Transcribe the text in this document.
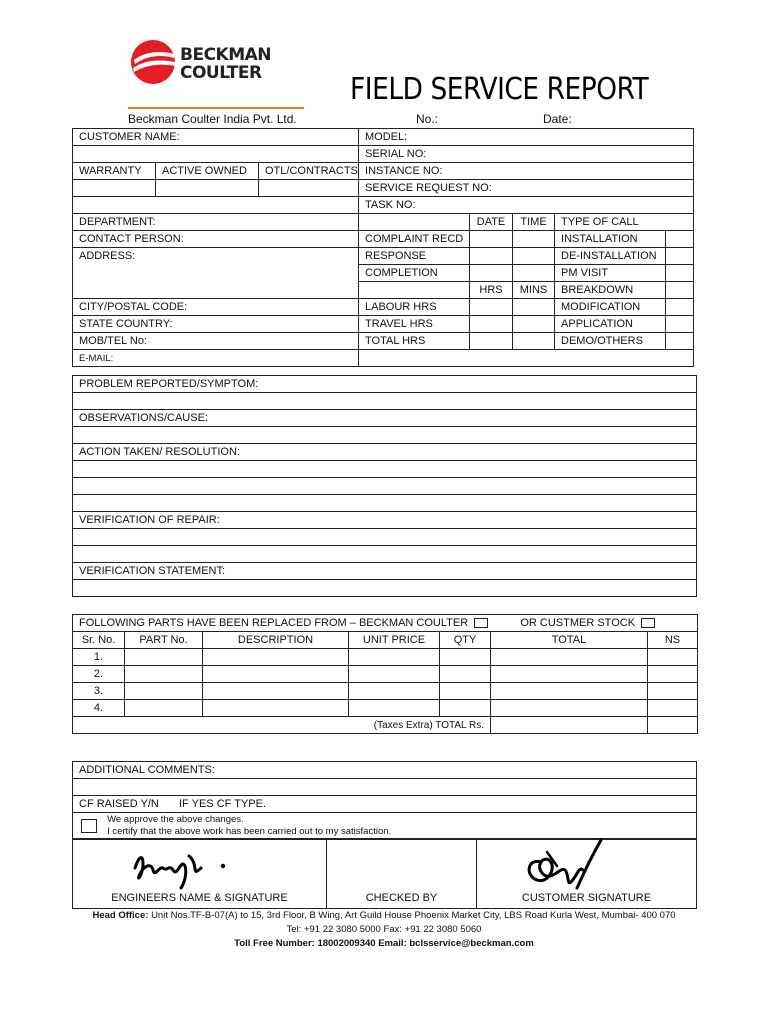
BECKMAN
COULTER	FIELD SERVICE REPORT
Beckman Coulter India Pvt. Ltd.	No.:	Date:
CUSTOMER NAME:			MODEL:				
			SERIAL NO:				
WARRANTY	ACTIVE OWNED	OTL/CONTRACTS	INSTANCE NO:				
			SERVICE REQUEST NO:				
			TASK NO:				
DEPARTMENT:				DATE	TIME	TYPE OF CALL	
CONTACT PERSON:			COMPLAINT RECD			INSTALLATION	
ADDRESS:			RESPONSE			DE-INSTALLATION	
			COMPLETION			PM VISIT	
				HRS	MINS	BREAKDOWN	
CITY/POSTAL CODE:			LABOUR HRS			MODIFICATION	
STATE COUNTRY:			TRAVEL HRS			APPLICATION	
MOB/TEL No:			TOTAL HRS			DEMO/OTHERS	
E-MAIL:							
PROBLEM REPORTED/SYMPTOM:

OBSERVATIONS/CAUSE:

ACTION TAKEN/ RESOLUTION:

VERIFICATION OF REPAIR:

VERIFICATION STATEMENT:

FOLLOWING PARTS HAVE BEEN REPLACED FROM – BECKMAN COULTER OR CUSTMER STOCK						
Sr. No.	PART No.	DESCRIPTION	UNIT PRICE	QTY	TOTAL	NS
1.						
2.						
3.						
4.						
(Taxes Extra) TOTAL Rs.						
ADDITIONAL COMMENTS:

CF RAISED Y/N IF YES CF TYPE.

We approve the above changes.
I certify that the above work has been carried out to my satisfaction.
ENGINEERS NAME & SIGNATURE	CHECKED BY	CUSTOMER SIGNATURE
Head Office: Unit Nos.TF-B-07(A) to 15, 3rd Floor, B Wing, Art Guild House Phoenix Market City, LBS Road Kurla West, Mumbai- 400 070
Tel: +91 22 3080 5000 Fax: +91 22 3080 5060
Toll Free Number: 18002009340 Email: bclsservice@beckman.com
